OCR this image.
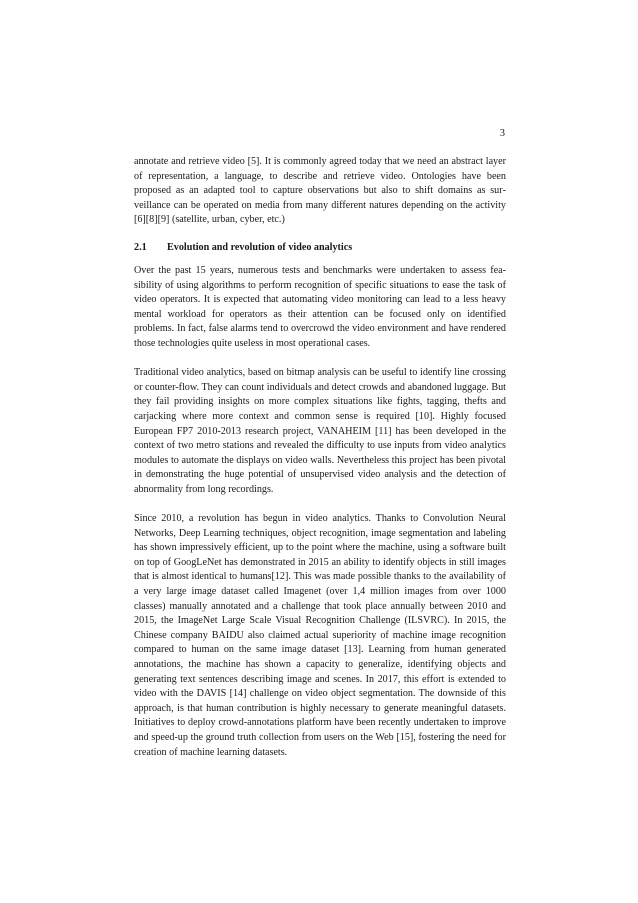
3

annotate and retrieve video [5]. It is commonly agreed today that we need an abstract layer of representation, a language, to describe and retrieve video. Ontologies have been proposed as an adapted tool to capture observations but also to shift domains as surveillance can be operated on media from many different natures depending on the activity [6][8][9] (satellite, urban, cyber, etc.)

2.1	Evolution and revolution of video analytics

Over the past 15 years, numerous tests and benchmarks were undertaken to assess feasibility of using algorithms to perform recognition of specific situations to ease the task of video operators. It is expected that automating video monitoring can lead to a less heavy mental workload for operators as their attention can be focused only on identified problems. In fact, false alarms tend to overcrowd the video environment and have rendered those technologies quite useless in most operational cases.

Traditional video analytics, based on bitmap analysis can be useful to identify line crossing or counter-flow. They can count individuals and detect crowds and abandoned luggage. But they fail providing insights on more complex situations like fights, tagging, thefts and carjacking where more context and common sense is required [10]. Highly focused European FP7 2010-2013 research project, VANAHEIM [11] has been developed in the context of two metro stations and revealed the difficulty to use inputs from video analytics modules to automate the displays on video walls. Nevertheless this project has been pivotal in demonstrating the huge potential of unsupervised video analysis and the detection of abnormality from long recordings.

Since 2010, a revolution has begun in video analytics. Thanks to Convolution Neural Networks, Deep Learning techniques, object recognition, image segmentation and labeling has shown impressively efficient, up to the point where the machine, using a software built on top of GoogLeNet has demonstrated in 2015 an ability to identify objects in still images that is almost identical to humans[12]. This was made possible thanks to the availability of a very large image dataset called Imagenet (over 1,4 million images from over 1000 classes) manually annotated and a challenge that took place annually between 2010 and 2015, the ImageNet Large Scale Visual Recognition Challenge (ILSVRC). In 2015, the Chinese company BAIDU also claimed actual superiority of machine image recognition compared to human on the same image dataset [13]. Learning from human generated annotations, the machine has shown a capacity to generalize, identifying objects and generating text sentences describing image and scenes. In 2017, this effort is extended to video with the DAVIS [14] challenge on video object segmentation. The downside of this approach, is that human contribution is highly necessary to generate meaningful datasets. Initiatives to deploy crowd-annotations platform have been recently undertaken to improve and speed-up the ground truth collection from users on the Web [15], fostering the need for creation of machine learning datasets.
